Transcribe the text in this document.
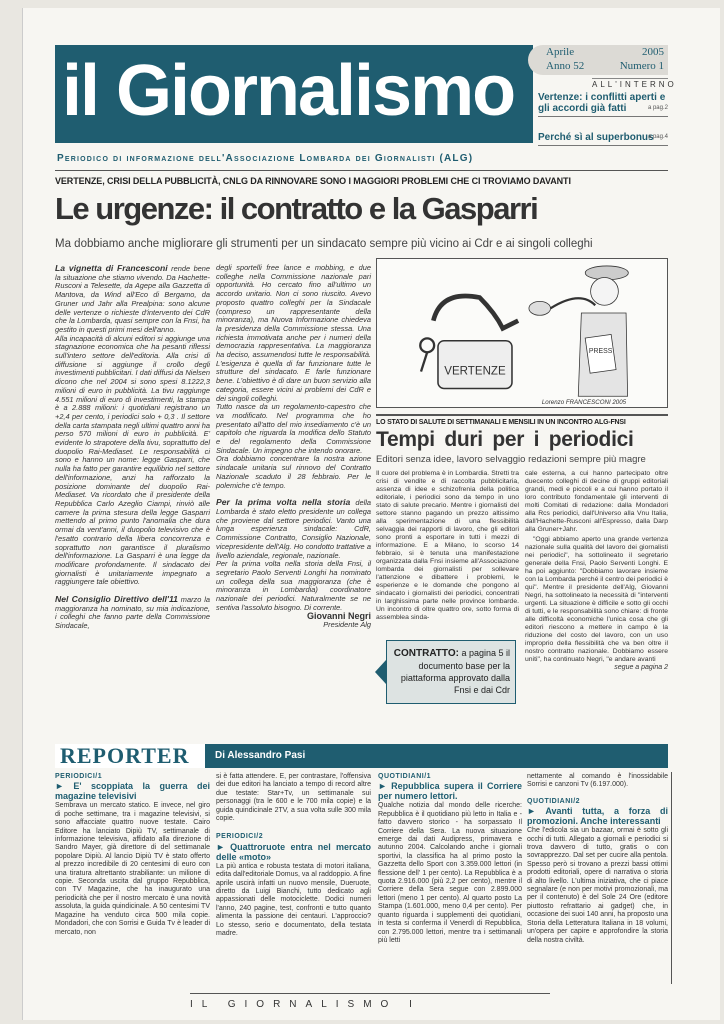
il Giornalismo	Aprile	2005
Anno 52	Numero 1
ALL'INTERNO
Vertenze: i conflitti aperti e gli accordi già fatti	a pag.2
Perché sì al superbonus
a pag.4
Periodico di informazione dell'Associazione Lombarda dei Giornalisti (ALG)
VERTENZE, CRISI DELLA PUBBLICITÀ, CNLG DA RINNOVARE SONO I MAGGIORI PROBLEMI CHE CI TROVIAMO DAVANTI
Le urgenze: il contratto e la Gasparri
Ma dobbiamo anche migliorare gli strumenti per un sindacato sempre più vicino ai Cdr e ai singoli colleghi

La vignetta di Francesconi rende bene la situazione che stiamo vivendo. Da Hachette-Rusconi a Telesette, da Agepe alla Gazzetta di Mantova, da Wind all'Eco di Bergamo, da Gruner und Jahr alla Prealpina: sono alcune delle vertenze o richieste d'intervento dei CdR che la Lombarda, quasi sempre con la Fnsi, ha gestito in questi primi mesi dell'anno.

Alla incapacità di alcuni editori si aggiunge una stagnazione economica che ha pesanti riflessi sull'intero settore dell'editoria. Alla crisi di diffusione si aggiunge il crollo degli investimenti pubblicitari. I dati diffusi da Nielsen dicono che nel 2004 si sono spesi 8.1222,3 milioni di euro in pubblicità. La tivu raggiunge 4.551 milioni di euro di investimenti, la stampa è a 2.888 milioni: i quotidiani registrano un +2,4 per cento, i periodici solo + 0,3 . Il settore della carta stampata negli ultimi quattro anni ha perso 570 milioni di euro in pubblicità. E' evidente lo strapotere della tivu, soprattutto del duopolio Rai-Mediaset. Le responsabilità ci sono e hanno un nome: legge Gasparri, che nulla ha fatto per garantire equilibrio nel settore dell'informazione, anzi ha rafforzato la posizione dominante del duopolio Rai-Mediaset. Va ricordato che il presidente della Repubblica Carlo Azeglio Ciampi, rinviò alle camere la prima stesura della legge Gasparri mettendo al primo punto l'anomalia che dura ormai da vent'anni, il duopolio televisivo che è l'esatto contrario della libera concorrenza e soprattutto non garantisce il pluralismo dell'informazione. La Gasparri è una legge da modificare profondamente. Il sindacato dei giornalisti è unitariamente impegnato a raggiungere tale obiettivo.

Nel Consiglio Direttivo dell'11 marzo la maggioranza ha nominato, su mia indicazione, i colleghi che fanno parte della Commissione Sindacale,

degli sportelli free lance e mobbing, e due colleghe nella Commissione nazionale pari opportunità. Ho cercato fino all'ultimo un accordo unitario. Non ci sono riuscito. Avevo proposto quattro colleghi per la Sindacale (compreso un rappresentante della minoranza), ma Nuova Informazione chiedeva la presidenza della Commissione stessa. Una richiesta immotivata anche per i numeri della democrazia rappresentativa. La maggioranza ha deciso, assumendosi tutte le responsabilità. L'esigenza è quella di far funzionare tutte le strutture del sindacato. E farle funzionare bene. L'obiettivo è di dare un buon servizio alla categoria, essere vicini ai problemi dei CdR e dei singoli colleghi.

Tutto nasce da un regolamento-capestro che va modificato. Nel programma che ho presentato all'atto del mio insediamento c'è un capitolo che riguarda la modifica dello Statuto e del regolamento della Commissione Sindacale. Un impegno che intendo onorare.

Ora dobbiamo concentrare la nostra azione sindacale unitaria sul rinnovo del Contratto Nazionale scaduto il 28 febbraio. Per le polemiche c'è tempo.

Per la prima volta nella storia della Lombarda è stato eletto presidente un collega che proviene dal settore periodici. Vanto una lunga esperienza sindacale: CdR, Commissione Contratto, Consiglio Nazionale, vicepresidente dell'Alg. Ho condotto trattative a livello aziendale, regionale, nazionale.

Per la prima volta nella storia della Fnsi, il segretario Paolo Serventi Longhi ha nominato un collega della sua maggioranza (che è minoranza in Lombardia) coordinatore nazionale dei periodici. Naturalmente se ne sentiva l'assoluto bisogno. Di corrente.

Giovanni Negri

Presidente Alg

VERTENZE
PRESS
Lorenzo FRANCESCONI 2005
LO STATO DI SALUTE DI SETTIMANALI E MENSILI IN UN INCONTRO ALG-FNSI
Tempi duri per i periodici
Editori senza idee, lavoro selvaggio redazioni sempre più magre
Il cuore del problema è in Lombardia. Stretti tra crisi di vendite e di raccolta pubblicitaria, assenza di idee e schizofrenia della politica editoriale, i periodici sono da tempo in uno stato di salute precario. Mentre i giornalisti del settore stanno pagando un prezzo altissimo alla sperimentazione di una flessibilità selvaggia dei rapporti di lavoro, che gli editori sono pronti a esportare in tutti i mezzi di informazione. E a Milano, lo scorso 14 febbraio, si è tenuta una manifestazione organizzata dalla Fnsi insieme all'Associazione lombarda dei giornalisti per sollevare l'attenzione e dibattere i problemi, le esperienze e le domande che pongono al sindacato i giornalisti dei periodici, concentrati in larghissima parte nelle province lombarde. Un incontro di oltre quattro ore, sotto forma di assemblea sinda-
CONTRATTO: a pagina 5 il documento base per la piattaforma approvato dalla Fnsi e dai Cdr

cale esterna, a cui hanno partecipato oltre duecento colleghi di decine di gruppi editoriali grandi, medi e piccoli e a cui hanno portato il loro contributo fondamentale gli interventi di molti Comitati di redazione: dalla Mondadori alla Rcs periodici, dall'Universo alla Vnu Italia, dall'Hachette-Rusconi all'Espresso, dalla Darp alla Gruner+Jahr.

"Oggi abbiamo aperto una grande vertenza nazionale sulla qualità del lavoro dei giornalisti nei periodici", ha sottolineato il segretario generale della Fnsi, Paolo Serventi Longhi. E ha poi aggiunto: "Dobbiamo lavorare insieme con la Lombarda perché il centro dei periodici è qui". Mentre il presidente dell'Alg, Giovanni Negri, ha sottolineato la necessità di "interventi urgenti. La situazione è difficile e sotto gli occhi di tutti, e le responsabilità sono chiare: di fronte alle difficoltà economiche l'unica cosa che gli editori riescono a mettere in campo è la riduzione del costo del lavoro, con un uso improprio della flessibilità che va ben oltre il nostro contratto nazionale. Dobbiamo essere uniti", ha continuato Negri, "e andare avanti

segue a pagina 2

REPORTER	Di Alessandro Pasi
PERIODICI/1
► E' scoppiata la guerra dei magazine televisivi

Sembrava un mercato statico. E invece, nel giro di poche settimane, tra i magazine televisivi, si sono affacciate quattro nuove testate. Cairo Editore ha lanciato Dipiù TV, settimanale di informazione televisiva, affidato alla direzione di Sandro Mayer, già direttore di del settimanale popolare Dipiù. Al lancio Dipiù TV è stato offerto al prezzo incredibile di 20 centesimi di euro con una tiratura altrettanto strabiliante: un milione di copie. Seconda uscita dal gruppo Repubblica, con TV Magazine, che ha inaugurato una periodicità che per il nostro mercato è una novità assoluta, la guida quindicinale. A 50 centesimi TV Magazine ha venduto circa 500 mila copie. Mondadori, che con Sorrisi e Guida Tv è leader di mercato, non

si è fatta attendere. E, per contrastare, l'offensiva dei due editori ha lanciato a tempo di record altre due testate: Star+Tv, un settimanale sui personaggi (tra le 600 e le 700 mila copie) e la guida quindicinale 2TV, a sua volta sulle 300 mila copie.

PERIODICI/2
► Quattroruote entra nel mercato delle «moto»

La più antica e robusta testata di motori italiana, edita dall'editoriale Domus, va al raddoppio. A fine aprile uscirà infatti un nuovo mensile, Dueruote, diretto da Luigi Bianchi, tutto dedicato agli appassionati delle motociclette. Dodici numeri l'anno, 240 pagine, test, confronti e tutto quanto alimenta la passione dei centauri. L'approccio? Lo stesso, serio e documentato, della testata madre.

QUOTIDIANI/1
► Repubblica supera il Corriere per numero lettori.

Qualche notizia dal mondo delle ricerche: Repubblica è il quotidiano più letto in Italia e - fatto davvero storico - ha sorpassato Il Corriere della Sera. La nuova situazione emerge dai dati Audipress, primavera e autunno 2004. Calcolando anche i giornali sportivi, la classifica ha al primo posto la Gazzetta dello Sport con 3.359.000 lettori (in flessione dell' 1 per cento). La Repubblica è a quota 2.916.000 (più 2,2 per cento), mentre il Corriere della Sera segue con 2.899.000 lettori (meno 1 per cento). Al quarto posto La Stampa (1.601.000, meno 0,4 per cento). Per quanto riguarda i supplementi dei quotidiani, in testa si conferma il Venerdì di Repubblica, con 2.795.000 lettori, mentre tra i settimanali più letti

nettamente al comando è l'inossidabile Sorrisi e canzoni Tv (6.197.000).

QUOTIDIANI/2
► Avanti tutta, a forza di promozioni. Anche interessanti

Che l'edicola sia un bazaar, ormai è sotto gli occhi di tutti. Allegato a giornali e periodici si trova davvero di tutto, gratis o con sovrapprezzo. Dal set per cucire alla pentola. Spesso però si trovano a prezzi bassi ottimi prodotti editoriali, opere di narrativa o storia di alto livello. L'ultima iniziativa, che ci piace segnalare (e non per motivi promozionali, ma per il contenuto) è del Sole 24 Ore (editore piuttosto refrattario ai gadget) che, in occasione dei suoi 140 anni, ha proposto una Storia della Letteratura Italiana in 18 volumi, un'opera per capire e approfondire la storia della nostra civiltà.

IL GIORNALISMO I
